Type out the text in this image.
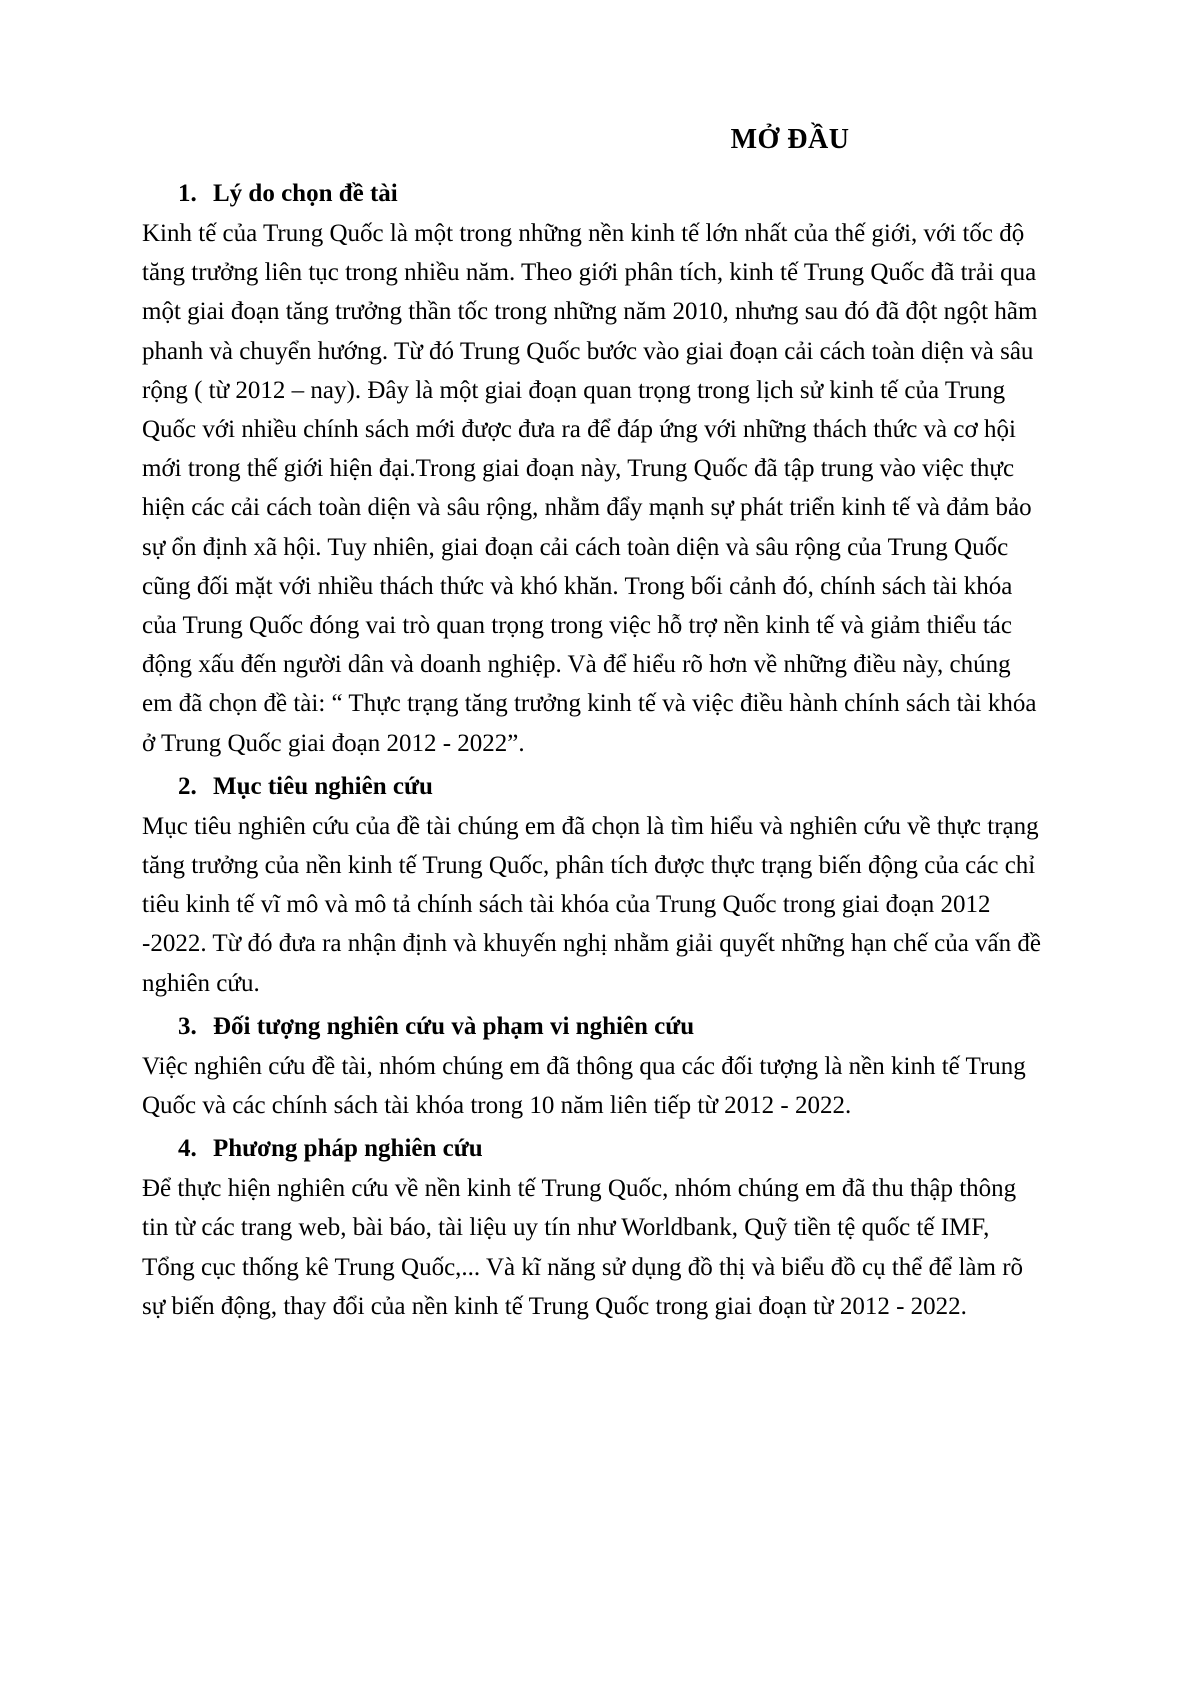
MỞ ĐẦU
1. Lý do chọn đề tài

Kinh tế của Trung Quốc là một trong những nền kinh tế lớn nhất của thế giới, với tốc độ
tăng trưởng liên tục trong nhiều năm. Theo giới phân tích, kinh tế Trung Quốc đã trải qua
một giai đoạn tăng trưởng thần tốc trong những năm 2010, nhưng sau đó đã đột ngột hãm
phanh và chuyển hướng. Từ đó Trung Quốc bước vào giai đoạn cải cách toàn diện và sâu
rộng ( từ 2012 – nay). Đây là một giai đoạn quan trọng trong lịch sử kinh tế của Trung
Quốc với nhiều chính sách mới được đưa ra để đáp ứng với những thách thức và cơ hội
mới trong thế giới hiện đại.Trong giai đoạn này, Trung Quốc đã tập trung vào việc thực
hiện các cải cách toàn diện và sâu rộng, nhằm đẩy mạnh sự phát triển kinh tế và đảm bảo
sự ổn định xã hội. Tuy nhiên, giai đoạn cải cách toàn diện và sâu rộng của Trung Quốc
cũng đối mặt với nhiều thách thức và khó khăn. Trong bối cảnh đó, chính sách tài khóa
của Trung Quốc đóng vai trò quan trọng trong việc hỗ trợ nền kinh tế và giảm thiểu tác
động xấu đến người dân và doanh nghiệp. Và để hiểu rõ hơn về những điều này, chúng
em đã chọn đề tài: “ Thực trạng tăng trưởng kinh tế và việc điều hành chính sách tài khóa
ở Trung Quốc giai đoạn 2012 - 2022”.

2. Mục tiêu nghiên cứu

Mục tiêu nghiên cứu của đề tài chúng em đã chọn là tìm hiểu và nghiên cứu về thực trạng
tăng trưởng của nền kinh tế Trung Quốc, phân tích được thực trạng biến động của các chỉ
tiêu kinh tế vĩ mô và mô tả chính sách tài khóa của Trung Quốc trong giai đoạn 2012
-2022. Từ đó đưa ra nhận định và khuyến nghị nhằm giải quyết những hạn chế của vấn đề
nghiên cứu.

3. Đối tượng nghiên cứu và phạm vi nghiên cứu

Việc nghiên cứu đề tài, nhóm chúng em đã thông qua các đối tượng là nền kinh tế Trung
Quốc và các chính sách tài khóa trong 10 năm liên tiếp từ 2012 - 2022.

4. Phương pháp nghiên cứu

Để thực hiện nghiên cứu về nền kinh tế Trung Quốc, nhóm chúng em đã thu thập thông
tin từ các trang web, bài báo, tài liệu uy tín như Worldbank, Quỹ tiền tệ quốc tế IMF,
Tổng cục thống kê Trung Quốc,... Và kĩ năng sử dụng đồ thị và biểu đồ cụ thể để làm rõ
sự biến động, thay đổi của nền kinh tế Trung Quốc trong giai đoạn từ 2012 - 2022.
